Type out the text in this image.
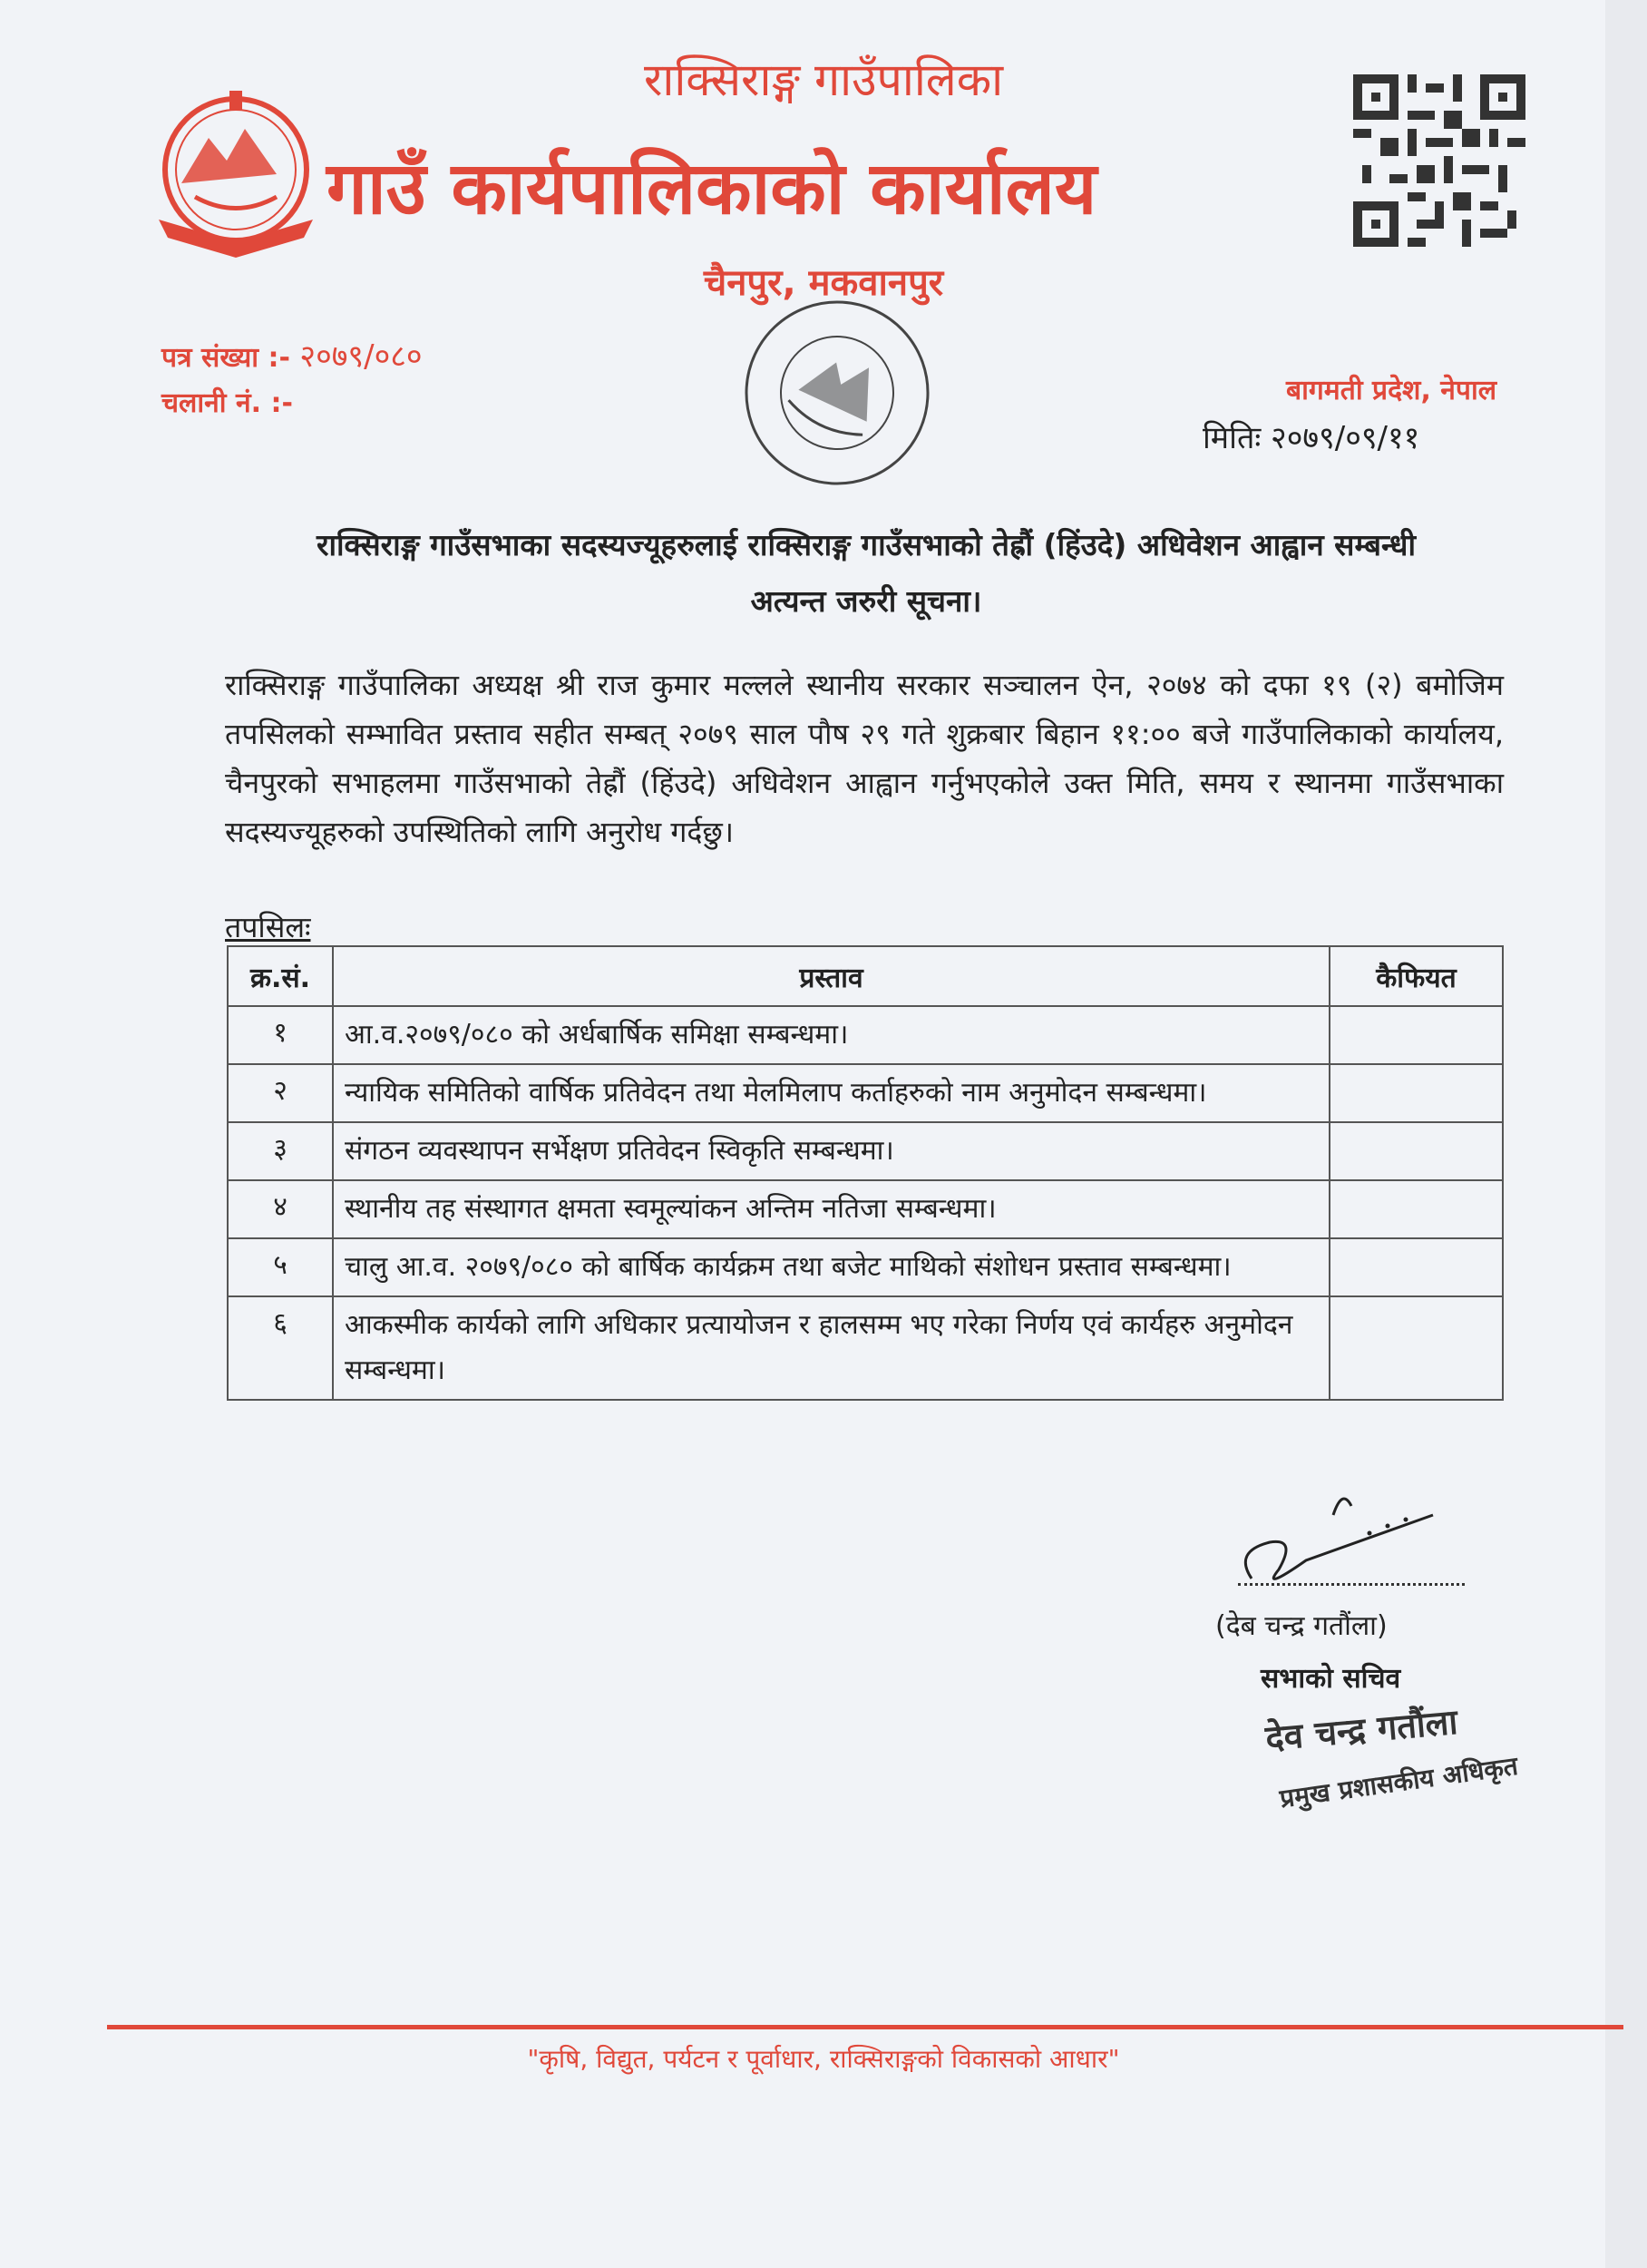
राक्सिराङ्ग गाउँपालिका
गाउँ कार्यपालिकाको कार्यालय
चैनपुर, मकवानपुर
पत्र संख्या :- २०७९/०८०
चलानी नं. :-	बागमती प्रदेश, नेपाल
मितिः २०७९/०९/११
राक्सिराङ्ग गाउँसभाका सदस्यज्यूहरुलाई राक्सिराङ्ग गाउँसभाको तेह्रौं (हिंउदे) अधिवेशन आह्वान सम्बन्धी
अत्यन्त जरुरी सूचना।
राक्सिराङ्ग गाउँपालिका अध्यक्ष श्री राज कुमार मल्लले स्थानीय सरकार सञ्चालन ऐन, २०७४ को दफा १९ (२) बमोजिम तपसिलको सम्भावित प्रस्ताव सहीत सम्बत् २०७९ साल पौष २९ गते शुक्रबार बिहान ११:०० बजे गाउँपालिकाको कार्यालय, चैनपुरको सभाहलमा गाउँसभाको तेह्रौं (हिंउदे) अधिवेशन आह्वान गर्नुभएकोले उक्त मिति, समय र स्थानमा गाउँसभाका सदस्यज्यूहरुको उपस्थितिको लागि अनुरोध गर्दछु।
तपसिलः
क्र.सं.	प्रस्ताव	कैफियत
१	आ.व.२०७९/०८० को अर्धबार्षिक समिक्षा सम्बन्धमा।	
२	न्यायिक समितिको वार्षिक प्रतिवेदन तथा मेलमिलाप कर्ताहरुको नाम अनुमोदन सम्बन्धमा।	
३	संगठन व्यवस्थापन सर्भेक्षण प्रतिवेदन स्विकृति सम्बन्धमा।	
४	स्थानीय तह संस्थागत क्षमता स्वमूल्यांकन अन्तिम नतिजा सम्बन्धमा।	
५	चालु आ.व. २०७९/०८० को बार्षिक कार्यक्रम तथा बजेट माथिको संशोधन प्रस्ताव सम्बन्धमा।	
६	आकस्मीक कार्यको लागि अधिकार प्रत्यायोजन र हालसम्म भए गरेका निर्णय एवं कार्यहरु अनुमोदन सम्बन्धमा।	
(देब चन्द्र गतौंला)
सभाको सचिव
देव चन्द्र गतौंला
प्रमुख प्रशासकीय अधिकृत
"कृषि, विद्युत, पर्यटन र पूर्वाधार, राक्सिराङ्गको विकासको आधार"
